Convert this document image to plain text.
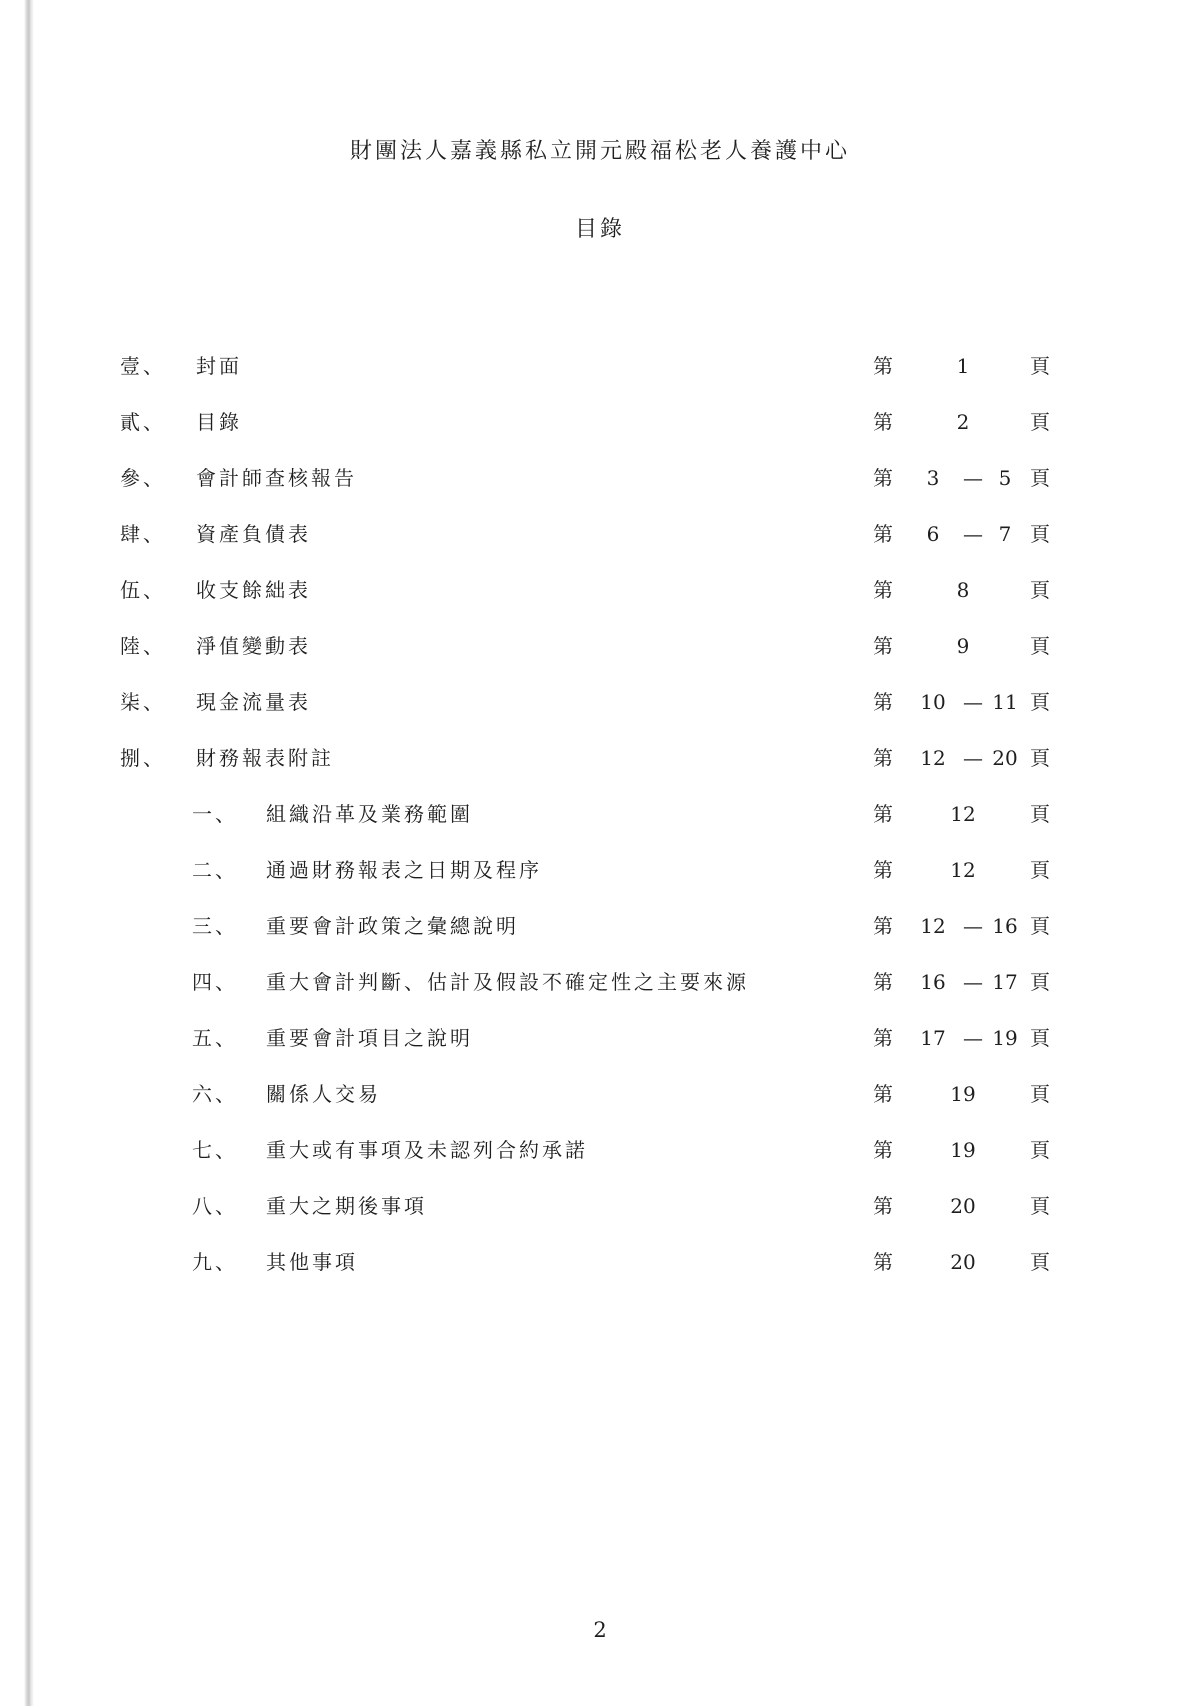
財團法人嘉義縣私立開元殿福松老人養護中心
目錄
壹、 封面	第	1	頁
貳、 目錄	第	2	頁
參、 會計師查核報告	第	3	— 5 頁
肆、 資產負債表	第	6	— 7 頁
伍、 收支餘絀表	第	8	頁
陸、 淨值變動表	第	9	頁
柒、 現金流量表	第	10 — 11 頁
捌、 財務報表附註	第	12 — 20 頁
一、 組織沿革及業務範圍	第	12	頁
二、 通過財務報表之日期及程序	第	12	頁
三、 重要會計政策之彙總說明	第	12 — 16 頁
四、 重大會計判斷、估計及假設不確定性之主要來源	第	16 — 17 頁
五、 重要會計項目之說明	第	17 — 19 頁
六、 關係人交易	第	19	頁
七、 重大或有事項及未認列合約承諾	第	19	頁
八、 重大之期後事項	第	20	頁
九、 其他事項	第	20	頁
2
